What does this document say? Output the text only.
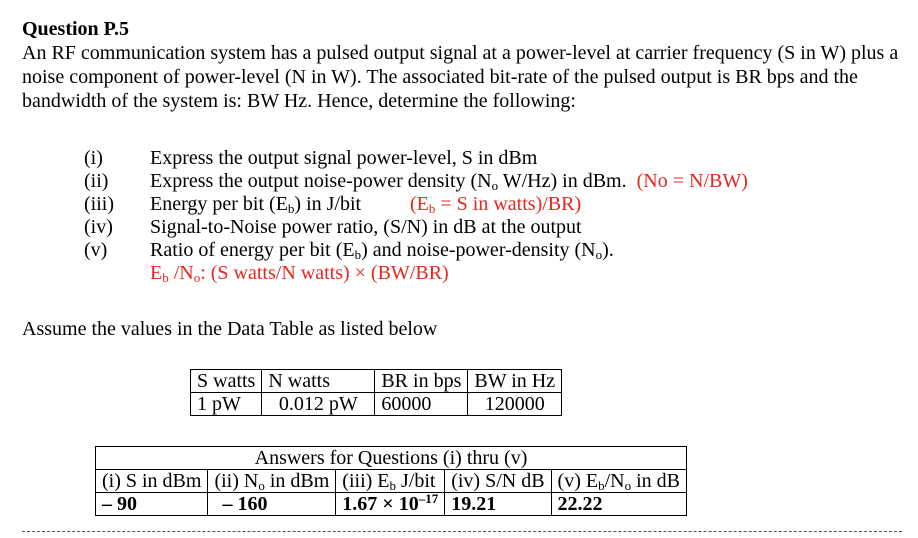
Question P.5
An RF communication system has a pulsed output signal at a power-level at carrier frequency (S in W) plus a noise component of power-level (N in W). The associated bit-rate of the pulsed output is BR bps and the bandwidth of the system is: BW Hz. Hence, determine the following:
(i) Express the output signal power-level, S in dBm
(ii) Express the output noise-power density ($N_o$ W/Hz) in dBm. (No = N/BW)
(iii) Energy per bit $(E_b)$ in J/bit ($E_b = S$ in watts)/BR)
(iv) Signal-to-Noise power ratio, (S/N) in dB at the output
(v) Ratio of energy per bit $(E_b)$ and noise-power-density $(N_o)$.
$E_b$ $/N_o$: (S watts/N watts) × (BW/BR)
Assume the values in the Data Table as listed below
S watts	N watts	BR in bps	BW in Hz
1 pW	0.012 pW	60000	120000
Answers for Questions (i) thru (v)				
(i) S in dBm	(ii) $N_o$ in dBm	(iii) $E_b$ J/bit	(iv) S/N dB	(v) $E_b/N_o$ in dB
– 90	– 160	$1.67 \times 10^{-17}$	19.21	22.22
